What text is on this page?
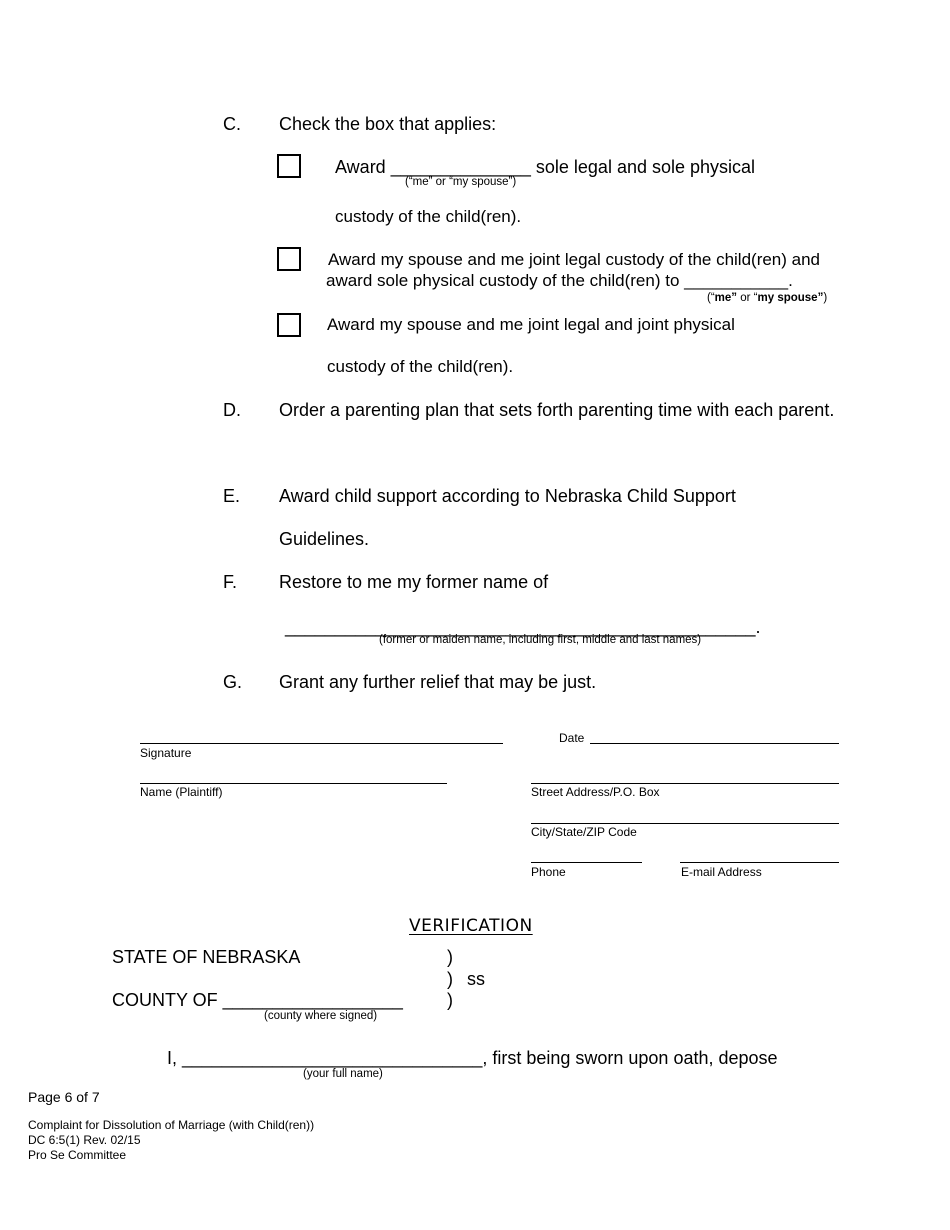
C. Check the box that applies:
Award ______________ sole legal and sole physical
(“me” or “my spouse”)
custody of the child(ren).
Award my spouse and me joint legal custody of the child(ren) and
award sole physical custody of the child(ren) to ___________.
(“me” or “my spouse”)
Award my spouse and me joint legal and joint physical
custody of the child(ren).
D. Order a parenting plan that sets forth parenting time with each parent.
E. Award child support according to Nebraska Child Support
Guidelines.
F. Restore to me my former name of
_______________________________________________.
(former or maiden name, including first, middle and last names)
G. Grant any further relief that may be just.
Signature
Date
Name (Plaintiff)	Street Address/P.O. Box
City/State/ZIP Code
Phone	E-mail Address
VERIFICATION
STATE OF NEBRASKA	)
) ss
COUNTY OF __________________ )
(county where signed)
I, ______________________________, first being sworn upon oath, depose
(your full name)
Page 6 of 7
Complaint for Dissolution of Marriage (with Child(ren))
DC 6:5(1) Rev. 02/15
Pro Se Committee
